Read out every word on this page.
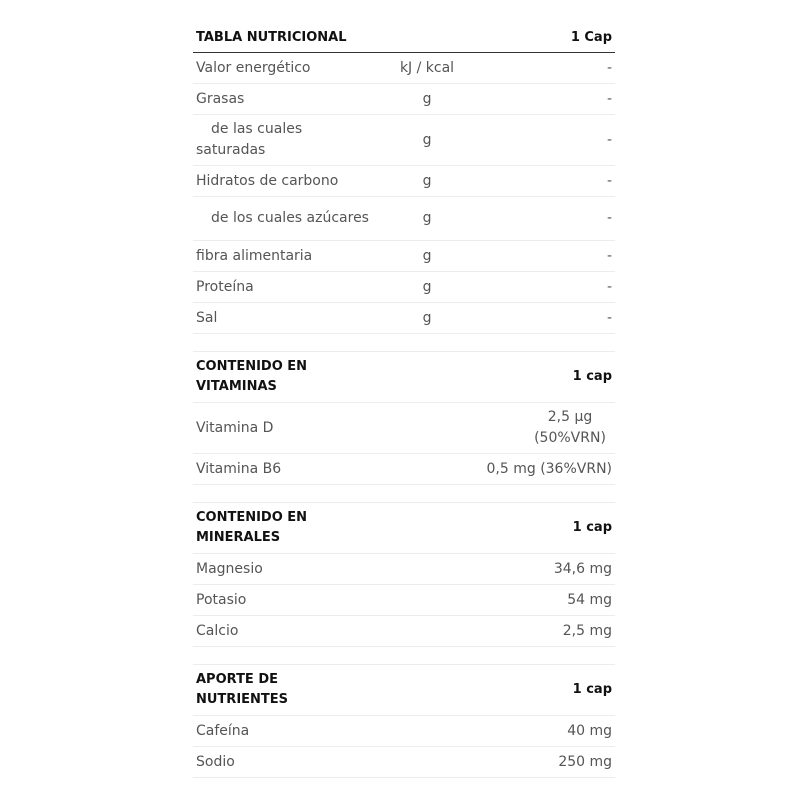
TABLA NUTRICIONAL		1 Cap
Valor energético	kJ / kcal	-
Grasas	g	-
de las cuales saturadas	g	-
Hidratos de carbono	g	-
de los cuales azúcares	g	-
fibra alimentaria	g	-
Proteína	g	-
Sal	g	-

CONTENIDO EN VITAMINAS		1 cap
Vitamina D		2,5 µg (50%VRN)
Vitamina B6		0,5 mg (36%VRN)

CONTENIDO EN MINERALES		1 cap
Magnesio		34,6 mg
Potasio		54 mg
Calcio		2,5 mg

APORTE DE NUTRIENTES		1 cap
Cafeína		40 mg
Sodio		250 mg
